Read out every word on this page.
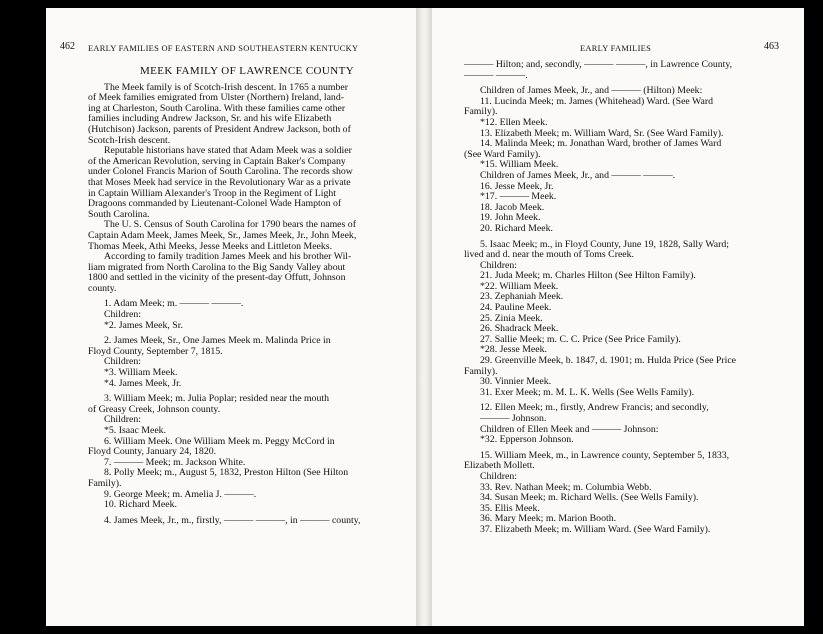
462 EARLY FAMILIES OF EASTERN AND SOUTHEASTERN KENTUCKY
MEEK FAMILY OF LAWRENCE COUNTY
The Meek family is of Scotch-Irish descent. In 1765 a number
of Meek families emigrated from Ulster (Northern) Ireland, land-
ing at Charleston, South Carolina. With these families came other
families including Andrew Jackson, Sr. and his wife Elizabeth
(Hutchison) Jackson, parents of President Andrew Jackson, both of
Scotch-Irish descent.
Reputable historians have stated that Adam Meek was a soldier
of the American Revolution, serving in Captain Baker's Company
under Colonel Francis Marion of South Carolina. The records show
that Moses Meek had service in the Revolutionary War as a private
in Captain William Alexander's Troop in the Regiment of Light
Dragoons commanded by Lieutenant-Colonel Wade Hampton of
South Carolina.
The U. S. Census of South Carolina for 1790 bears the names of
Captain Adam Meek, James Meek, Sr., James Meek, Jr., John Meek,
Thomas Meek, Athi Meeks, Jesse Meeks and Littleton Meeks.
According to family tradition James Meek and his brother Wil-
liam migrated from North Carolina to the Big Sandy Valley about
1800 and settled in the vicinity of the present-day Offutt, Johnson
county.
1. Adam Meek; m. ——— ———.
Children:
*2. James Meek, Sr.
2. James Meek, Sr., One James Meek m. Malinda Price in
Floyd County, September 7, 1815.
Children:
*3. William Meek.
*4. James Meek, Jr.
3. William Meek; m. Julia Poplar; resided near the mouth
of Greasy Creek, Johnson county.
Children:
*5. Isaac Meek.
6. William Meek. One William Meek m. Peggy McCord in
Floyd County, January 24, 1820.
7. ——— Meek; m. Jackson White.
8. Polly Meek; m., August 5, 1832, Preston Hilton (See Hilton
Family).
9. George Meek; m. Amelia J. ———.
10. Richard Meek.
4. James Meek, Jr., m., firstly, ——— ———, in ——— county,
EARLY FAMILIES	463
——— Hilton; and, secondly, ——— ———, in Lawrence County,
——— ———.
Children of James Meek, Jr., and ——— (Hilton) Meek:
11. Lucinda Meek; m. James (Whitehead) Ward. (See Ward
Family).
*12. Ellen Meek.
13. Elizabeth Meek; m. William Ward, Sr. (See Ward Family).
14. Malinda Meek; m. Jonathan Ward, brother of James Ward
(See Ward Family).
*15. William Meek.
Children of James Meek, Jr., and ——— ———.
16. Jesse Meek, Jr.
*17. ——— Meek.
18. Jacob Meek.
19. John Meek.
20. Richard Meek.
5. Isaac Meek; m., in Floyd County, June 19, 1828, Sally Ward;
lived and d. near the mouth of Toms Creek.
Children:
21. Juda Meek; m. Charles Hilton (See Hilton Family).
*22. William Meek.
23. Zephaniah Meek.
24. Pauline Meek.
25. Zinia Meek.
26. Shadrack Meek.
27. Sallie Meek; m. C. C. Price (See Price Family).
*28. Jesse Meek.
29. Greenville Meek, b. 1847, d. 1901; m. Hulda Price (See Price
Family).
30. Vinnier Meek.
31. Exer Meek; m. M. L. K. Wells (See Wells Family).
12. Ellen Meek; m., firstly, Andrew Francis; and secondly,
——— Johnson.
Children of Ellen Meek and ——— Johnson:
*32. Epperson Johnson.
15. William Meek, m., in Lawrence county, September 5, 1833,
Elizabeth Mollett.
Children:
33. Rev. Nathan Meek; m. Columbia Webb.
34. Susan Meek; m. Richard Wells. (See Wells Family).
35. Ellis Meek.
36. Mary Meek; m. Marion Booth.
37. Elizabeth Meek; m. William Ward. (See Ward Family).
